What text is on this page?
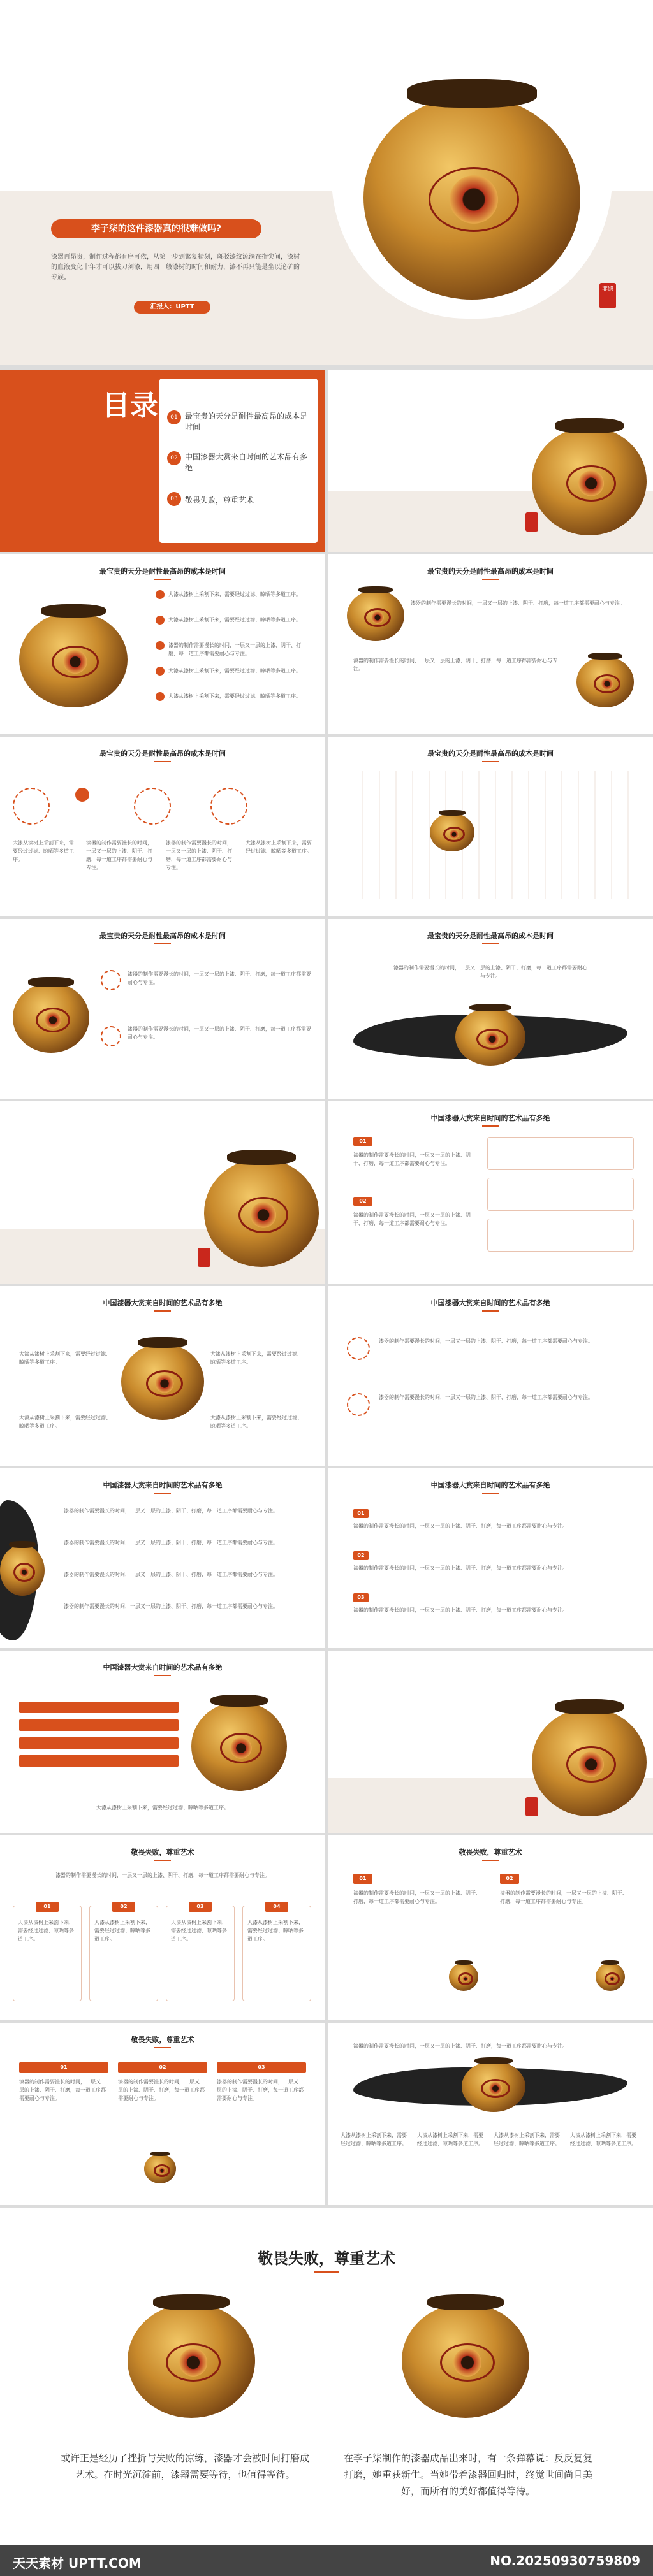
传 承 非 遗 文 化
大漆
李子柒的这件漆器真的很难做吗?
漆器再昂贵，制作过程都有序可依，从第一步到繁复精刻，斑驳漆纹流淌在指尖间，漆树的血液变化十年才可以拔刀刻漆，用四一般漆树的时间和耐力，漆不再只能是坐以论矿的专族。
汇报人：UPTT
非遗
目录	01 最宝贵的天分是耐性最高昂的成本是时间
02 中国漆器大赏来自时间的艺术品有多绝
03 敬畏失败，尊重艺术
PART-01
最宝贵的天分是耐性最高昂的成本是时间
最宝贵的天分是耐性最高昂的成本是时间
大漆从漆树上采割下来，需要经过过滤、晾晒等多道工序。
大漆从漆树上采割下来，需要经过过滤、晾晒等多道工序。
漆器的制作需要漫长的时间，一层又一层的上漆、阴干、打磨，每一道工序都需要耐心与专注。
大漆从漆树上采割下来，需要经过过滤、晾晒等多道工序。
大漆从漆树上采割下来，需要经过过滤、晾晒等多道工序。
最宝贵的天分是耐性最高昂的成本是时间
漆器的制作需要漫长的时间，一层又一层的上漆、阴干、打磨，每一道工序都需要耐心与专注。
漆器的制作需要漫长的时间，一层又一层的上漆、阴干、打磨，每一道工序都需要耐心与专注。
最宝贵的天分是耐性最高昂的成本是时间
大漆从漆树上采割下来，需要经过过滤、晾晒等多道工序。
漆器的制作需要漫长的时间，一层又一层的上漆、阴干、打磨，每一道工序都需要耐心与专注。
漆器的制作需要漫长的时间，一层又一层的上漆、阴干、打磨，每一道工序都需要耐心与专注。
大漆从漆树上采割下来，需要经过过滤、晾晒等多道工序。
最宝贵的天分是耐性最高昂的成本是时间
最宝贵的天分是耐性最高昂的成本是时间
漆器的制作需要漫长的时间，一层又一层的上漆、阴干、打磨，每一道工序都需要耐心与专注。
漆器的制作需要漫长的时间，一层又一层的上漆、阴干、打磨，每一道工序都需要耐心与专注。
最宝贵的天分是耐性最高昂的成本是时间
漆器的制作需要漫长的时间，一层又一层的上漆、阴干、打磨，每一道工序都需要耐心与专注。
PART-02
中国漆器大赏来自时间的艺术品有多绝
中国漆器大赏来自时间的艺术品有多绝
01
漆器的制作需要漫长的时间，一层又一层的上漆、阴干、打磨，每一道工序都需要耐心与专注。
02
漆器的制作需要漫长的时间，一层又一层的上漆、阴干、打磨，每一道工序都需要耐心与专注。
中国漆器大赏来自时间的艺术品有多绝
大漆从漆树上采割下来，需要经过过滤、晾晒等多道工序。
大漆从漆树上采割下来，需要经过过滤、晾晒等多道工序。
大漆从漆树上采割下来，需要经过过滤、晾晒等多道工序。
大漆从漆树上采割下来，需要经过过滤、晾晒等多道工序。
中国漆器大赏来自时间的艺术品有多绝
漆器的制作需要漫长的时间，一层又一层的上漆、阴干、打磨，每一道工序都需要耐心与专注。
漆器的制作需要漫长的时间，一层又一层的上漆、阴干、打磨，每一道工序都需要耐心与专注。
中国漆器大赏来自时间的艺术品有多绝
漆器的制作需要漫长的时间，一层又一层的上漆、阴干、打磨，每一道工序都需要耐心与专注。
漆器的制作需要漫长的时间，一层又一层的上漆、阴干、打磨，每一道工序都需要耐心与专注。
漆器的制作需要漫长的时间，一层又一层的上漆、阴干、打磨，每一道工序都需要耐心与专注。
漆器的制作需要漫长的时间，一层又一层的上漆、阴干、打磨，每一道工序都需要耐心与专注。
中国漆器大赏来自时间的艺术品有多绝
01
漆器的制作需要漫长的时间，一层又一层的上漆、阴干、打磨，每一道工序都需要耐心与专注。
02
漆器的制作需要漫长的时间，一层又一层的上漆、阴干、打磨，每一道工序都需要耐心与专注。
03
漆器的制作需要漫长的时间，一层又一层的上漆、阴干、打磨，每一道工序都需要耐心与专注。
中国漆器大赏来自时间的艺术品有多绝
大漆从漆树上采割下来，需要经过过滤、晾晒等多道工序。
PART-03
敬畏失败尊重艺术
敬畏失败，尊重艺术
漆器的制作需要漫长的时间，一层又一层的上漆、阴干、打磨，每一道工序都需要耐心与专注。
01
大漆从漆树上采割下来，需要经过过滤、晾晒等多道工序。
02
大漆从漆树上采割下来，需要经过过滤、晾晒等多道工序。
03
大漆从漆树上采割下来，需要经过过滤、晾晒等多道工序。
04
大漆从漆树上采割下来，需要经过过滤、晾晒等多道工序。
敬畏失败，尊重艺术
01
漆器的制作需要漫长的时间，一层又一层的上漆、阴干、打磨，每一道工序都需要耐心与专注。
02
漆器的制作需要漫长的时间，一层又一层的上漆、阴干、打磨，每一道工序都需要耐心与专注。
敬畏失败，尊重艺术
01
漆器的制作需要漫长的时间，一层又一层的上漆、阴干、打磨，每一道工序都需要耐心与专注。
02
漆器的制作需要漫长的时间，一层又一层的上漆、阴干、打磨，每一道工序都需要耐心与专注。
03
漆器的制作需要漫长的时间，一层又一层的上漆、阴干、打磨，每一道工序都需要耐心与专注。
漆器的制作需要漫长的时间，一层又一层的上漆、阴干、打磨，每一道工序都需要耐心与专注。
大漆从漆树上采割下来，需要经过过滤、晾晒等多道工序。
大漆从漆树上采割下来，需要经过过滤、晾晒等多道工序。
大漆从漆树上采割下来，需要经过过滤、晾晒等多道工序。
大漆从漆树上采割下来，需要经过过滤、晾晒等多道工序。
敬畏失败，尊重艺术
或许正是经历了挫折与失败的凉练，漆器才会被时间打磨成艺术。在时光沉淀前，漆器需要等待，也值得等待。
在李子柒制作的漆器成品出来时，有一条弹幕说：反反复复打磨，她重获新生。当她带着漆器回归时，终觉世间尚且美好，而所有的美好都值得等待。
天天素材 UPTT.COM	NO.20250930759809
